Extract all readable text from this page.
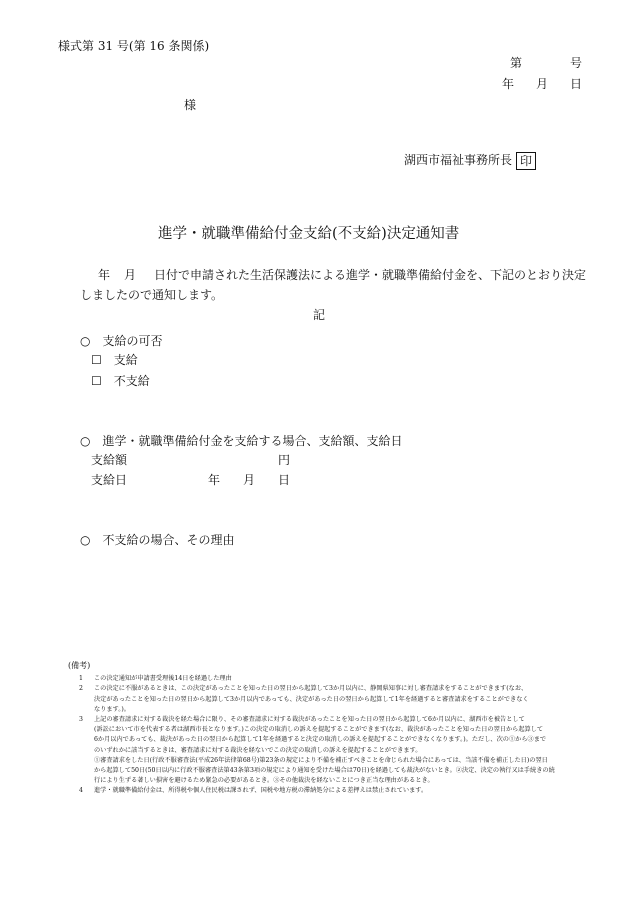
様式第 31 号(第 16 条関係)
第	号
年 月 日
様
湖西市福祉事務所長 印
進学・就職準備給付金支給(不支給)決定通知書
年 月 日付で申請された生活保護法による進学・就職準備給付金を、下記のとおり決定
しましたので通知します。
記
○　支給の可否
☐　支給
☐　不支給
○　進学・就職準備給付金を支給する場合、支給額、支給日
支給額	円
支給日	年 月 日
○　不支給の場合、その理由
(備考)
1	この決定通知が申請書受理後14日を経過した理由
2	この決定に不服があるときは、この決定があったことを知った日の翌日から起算して3か月以内に、静岡県知事に対し審査請求をすることができます(なお、
決定があったことを知った日の翌日から起算して3か月以内であっても、決定があった日の翌日から起算して1年を経過すると審査請求をすることができなく
なります。)。
3	上記の審査請求に対する裁決を経た場合に限り、その審査請求に対する裁決があったことを知った日の翌日から起算して6か月以内に、湖西市を被告として
(訴訟において市を代表する者は湖西市長となります。)この決定の取消しの訴えを提起することができます(なお、裁決があったことを知った日の翌日から起算して
6か月以内であっても、裁決があった日の翌日から起算して1年を経過すると決定の取消しの訴えを提起することができなくなります。)。ただし、次の①から③まで
のいずれかに該当するときは、審査請求に対する裁決を経ないでこの決定の取消しの訴えを提起することができます。
①審査請求をした日(行政不服審査法(平成26年法律第68号)第23条の規定により不備を補正すべきことを命じられた場合にあっては、当該不備を補正した日)の翌日
から起算して50日(50日以内に行政不服審査法第43条第3項の規定により通知を受けた場合は70日)を経過しても裁決がないとき。②決定、決定の執行又は手続きの続
行により生ずる著しい損害を避けるため緊急の必要があるとき。③その他裁決を経ないことにつき正当な理由があるとき。
4	進学・就職準備給付金は、所得税や個人住民税は課されず、国税や地方税の滞納処分による差押えは禁止されています。
